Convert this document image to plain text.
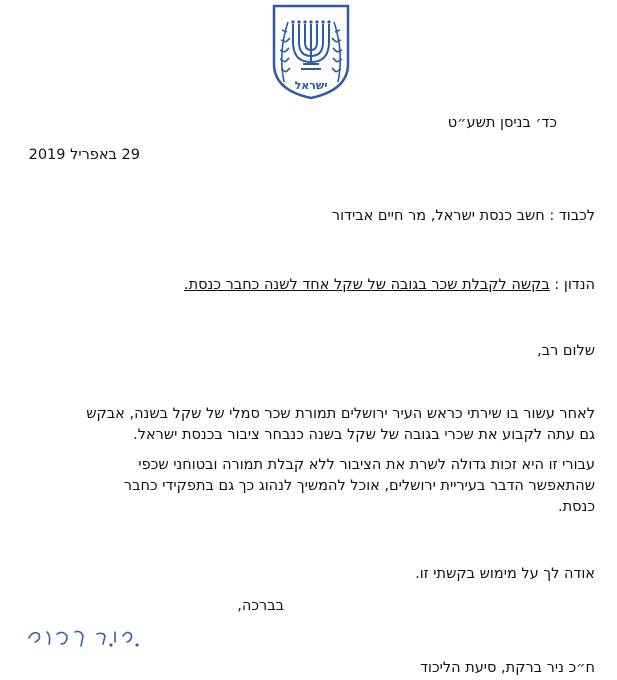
ישראל
כד׳ בניסן תשע״ט
29 באפריל 2019
לכבוד : חשב כנסת ישראל, מר חיים אבידור
הנדון : בקשה לקבלת שכר בגובה של שקל אחד לשנה כחבר כנסת.
שלום רב,
לאחר עשור בו שירתי כראש העיר ירושלים תמורת שכר סמלי של שקל בשנה, אבקש
גם עתה לקבוע את שכרי בגובה של שקל בשנה כנבחר ציבור בכנסת ישראל.
עבורי זו היא זכות גדולה לשרת את הציבור ללא קבלת תמורה ובטוחני שכפי
שהתאפשר הדבר בעיריית ירושלים, אוכל להמשיך לנהוג כך גם בתפקידי כחבר
כנסת.
אודה לך על מימוש בקשתי זו.
בברכה,
ח״כ ניר ברקת, סיעת הליכוד
